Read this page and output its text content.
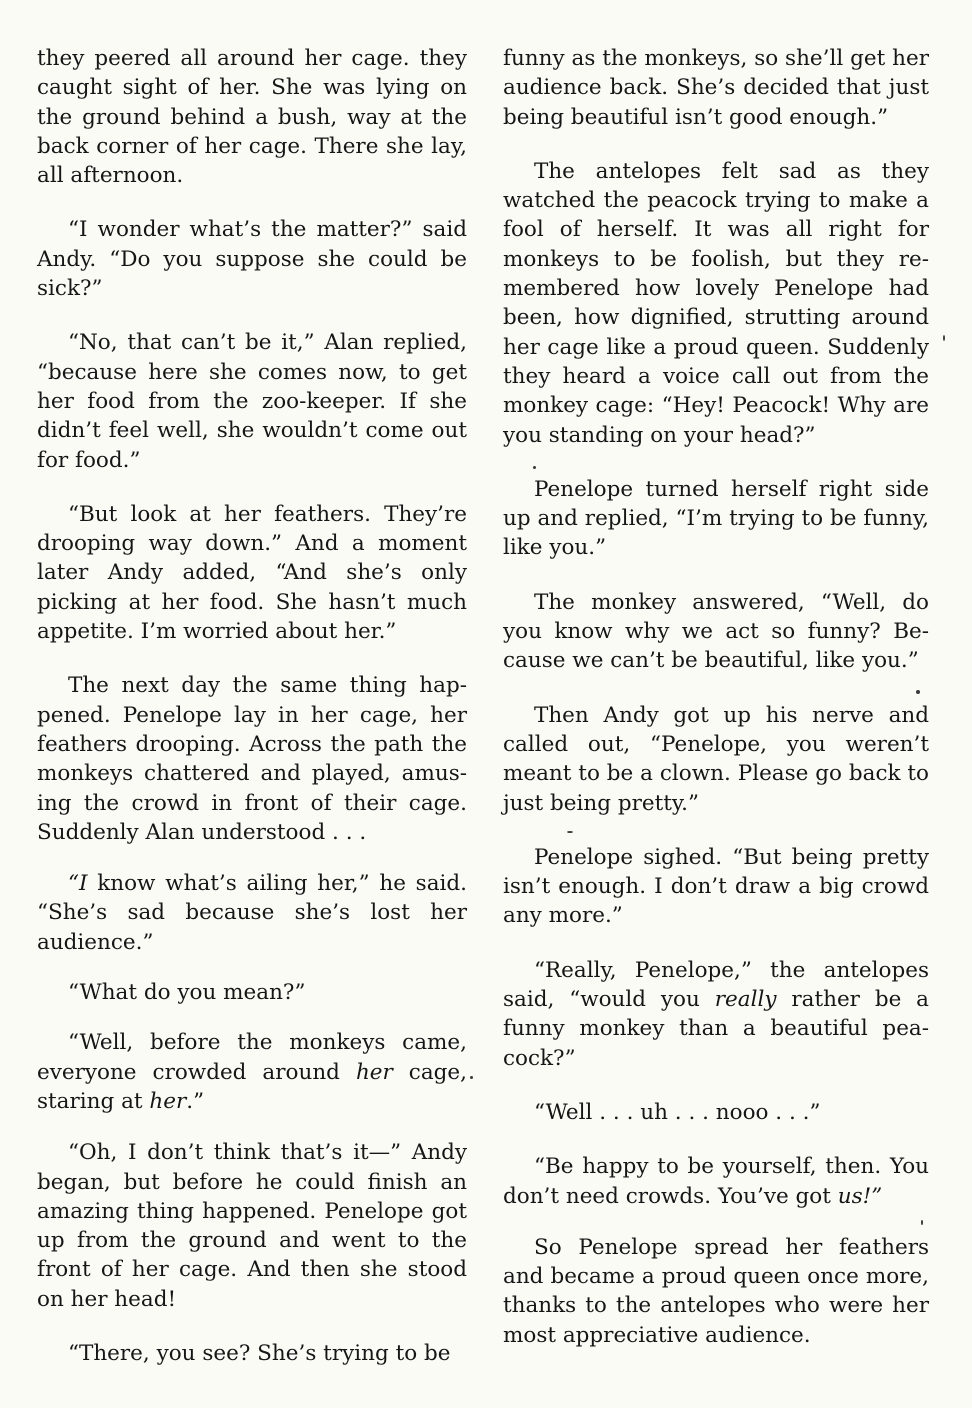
they peered all around her cage. they caught sight of her. She was lying on the ground behind a bush, way at the back corner of her cage. There she lay, all afternoon.

“I wonder what’s the matter?” said Andy. “Do you suppose she could be sick?”

“No, that can’t be it,” Alan replied, “because here she comes now, to get her food from the zoo-keeper. If she didn’t feel well, she wouldn’t come out for food.”

“But look at her feathers. They’re drooping way down.” And a moment later Andy added, “And she’s only picking at her food. She hasn’t much appetite. I’m worried about her.”

The next day the same thing hap-pened. Penelope lay in her cage, her feathers drooping. Across the path the monkeys chattered and played, amus-ing the crowd in front of their cage. Suddenly Alan understood . . .

“I know what’s ailing her,” he said. “She’s sad because she’s lost her audience.”

“What do you mean?”

“Well, before the monkeys came, everyone crowded around her cage, staring at her.”

“Oh, I don’t think that’s it—” Andy began, but before he could finish an amazing thing happened. Penelope got up from the ground and went to the front of her cage. And then she stood on her head!

“There, you see? She’s trying to be

funny as the monkeys, so she’ll get her audience back. She’s decided that just being beautiful isn’t good enough.”

The antelopes felt sad as they watched the peacock trying to make a fool of herself. It was all right for monkeys to be foolish, but they re-membered how lovely Penelope had been, how dignified, strutting around her cage like a proud queen. Suddenly they heard a voice call out from the monkey cage: “Hey! Peacock! Why are you standing on your head?”

Penelope turned herself right side up and replied, “I’m trying to be funny, like you.”

The monkey answered, “Well, do you know why we act so funny? Be-cause we can’t be beautiful, like you.”

Then Andy got up his nerve and called out, “Penelope, you weren’t meant to be a clown. Please go back to just being pretty.”

Penelope sighed. “But being pretty isn’t enough. I don’t draw a big crowd any more.”

“Really, Penelope,” the antelopes said, “would you really rather be a funny monkey than a beautiful pea-cock?”

“Well . . . uh . . . nooo . . .”

“Be happy to be yourself, then. You don’t need crowds. You’ve got us!”

So Penelope spread her feathers and became a proud queen once more, thanks to the antelopes who were her most appreciative audience.
